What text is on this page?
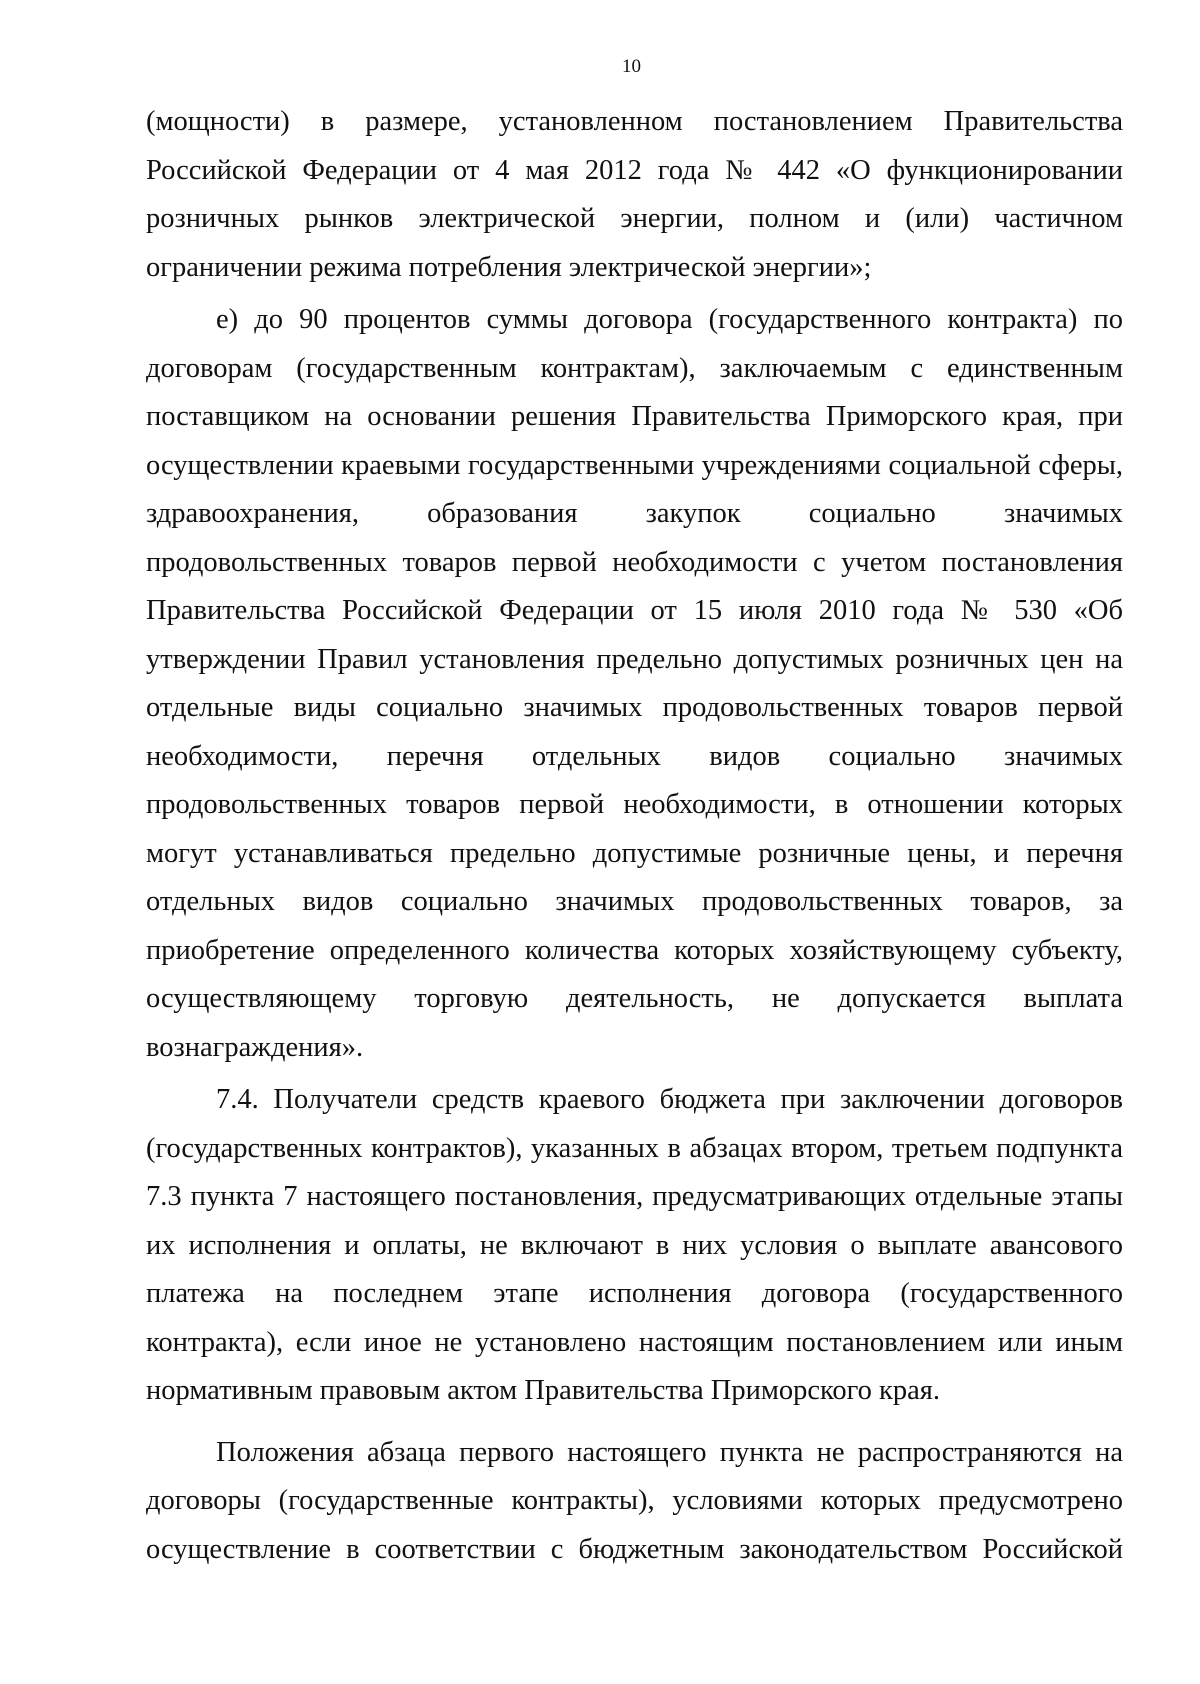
10

(мощности) в размере, установленном постановлением Правительства Российской Федерации от 4 мая 2012 года № 442 «О функционировании розничных рынков электрической энергии, полном и (или) частичном ограничении режима потребления электрической энергии»;

е) до 90 процентов суммы договора (государственного контракта) по договорам (государственным контрактам), заключаемым с единственным поставщиком на основании решения Правительства Приморского края, при осуществлении краевыми государственными учреждениями социальной сферы, здравоохранения, образования закупок социально значимых продовольственных товаров первой необходимости с учетом постановления Правительства Российской Федерации от 15 июля 2010 года № 530 «Об утверждении Правил установления предельно допустимых розничных цен на отдельные виды социально значимых продовольственных товаров первой необходимости, перечня отдельных видов социально значимых продовольственных товаров первой необходимости, в отношении которых могут устанавливаться предельно допустимые розничные цены, и перечня отдельных видов социально значимых продовольственных товаров, за приобретение определенного количества которых хозяйствующему субъекту, осуществляющему торговую деятельность, не допускается выплата вознаграждения».

7.4. Получатели средств краевого бюджета при заключении договоров (государственных контрактов), указанных в абзацах втором, третьем подпункта 7.3 пункта 7 настоящего постановления, предусматривающих отдельные этапы их исполнения и оплаты, не включают в них условия о выплате авансового платежа на последнем этапе исполнения договора (государственного контракта), если иное не установлено настоящим постановлением или иным нормативным правовым актом Правительства Приморского края.

Положения абзаца первого настоящего пункта не распространяются на договоры (государственные контракты), условиями которых предусмотрено осуществление в соответствии с бюджетным законодательством Российской
